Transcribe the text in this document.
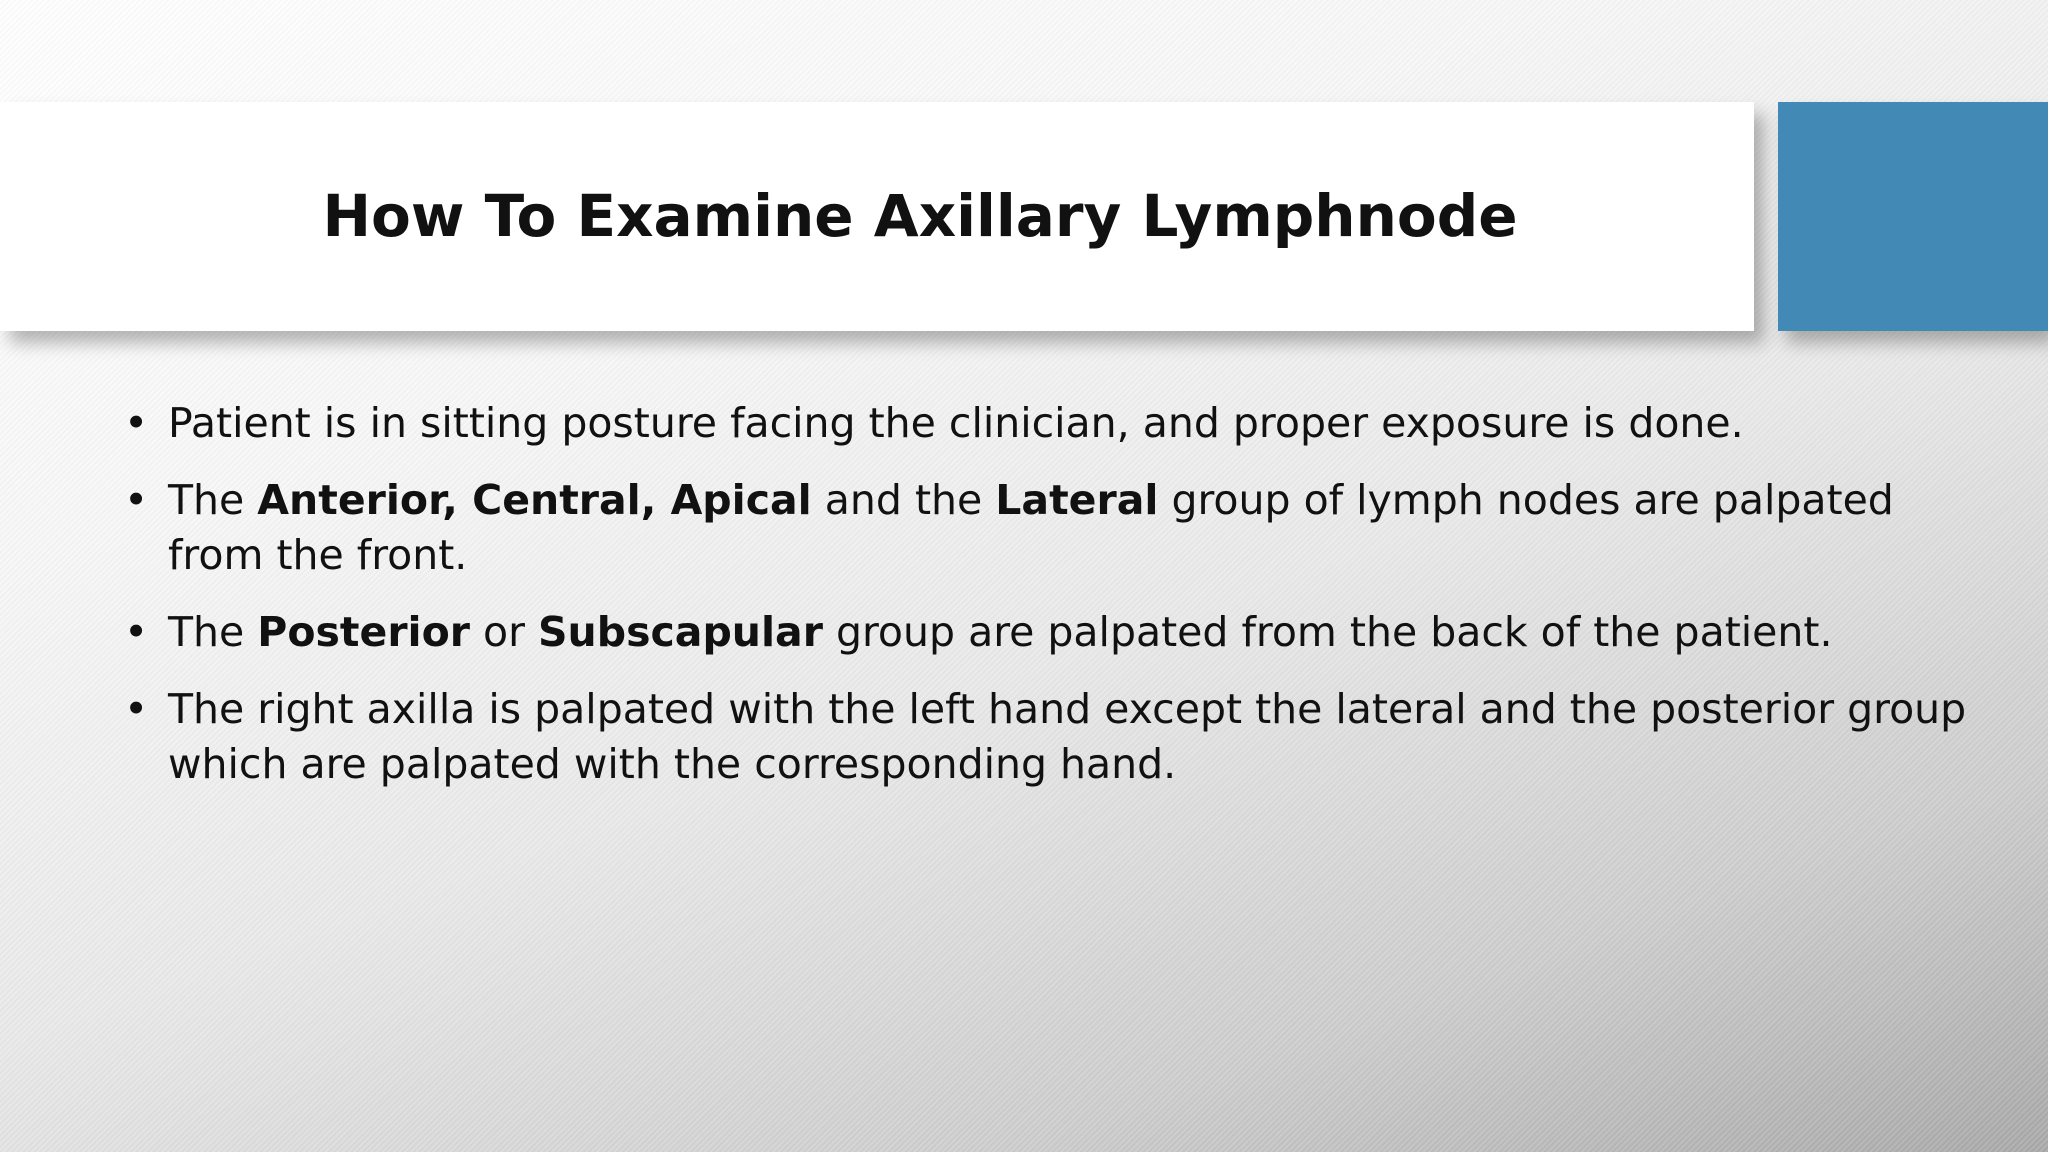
How To Examine Axillary Lymphnode
• Patient is in sitting posture facing the clinician, and proper exposure is done.
• The Anterior, Central, Apical and the Lateral group of lymph nodes are palpated from the front.
• The Posterior or Subscapular group are palpated from the back of the patient.
• The right axilla is palpated with the left hand except the lateral and the posterior group which are palpated with the corresponding hand.
